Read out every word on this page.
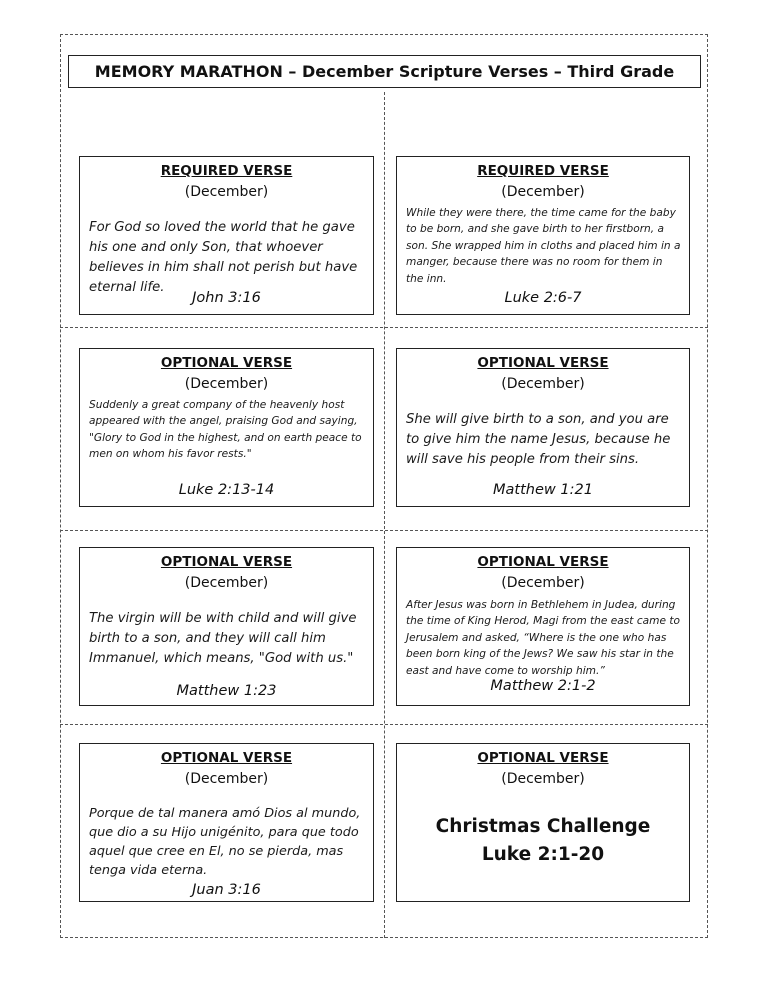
MEMORY MARATHON – December Scripture Verses – Third Grade
REQUIRED VERSE
(December)
For God so loved the world that he gave his one and only Son, that whoever believes in him shall not perish but have eternal life.
John 3:16
REQUIRED VERSE
(December)
While they were there, the time came for the baby to be born, and she gave birth to her firstborn, a son. She wrapped him in cloths and placed him in a manger, because there was no room for them in the inn.
Luke 2:6-7
OPTIONAL VERSE
(December)
Suddenly a great company of the heavenly host appeared with the angel, praising God and saying, "Glory to God in the highest, and on earth peace to men on whom his favor rests."
Luke 2:13-14
OPTIONAL VERSE
(December)
She will give birth to a son, and you are to give him the name Jesus, because he will save his people from their sins.
Matthew 1:21
OPTIONAL VERSE
(December)
The virgin will be with child and will give birth to a son, and they will call him Immanuel, which means, "God with us."
Matthew 1:23
OPTIONAL VERSE
(December)
After Jesus was born in Bethlehem in Judea, during the time of King Herod, Magi from the east came to Jerusalem and asked, “Where is the one who has been born king of the Jews? We saw his star in the east and have come to worship him.”
Matthew 2:1-2
OPTIONAL VERSE
(December)
Porque de tal manera amó Dios al mundo, que dio a su Hijo unigénito, para que todo aquel que cree en El, no se pierda, mas tenga vida eterna.
Juan 3:16
OPTIONAL VERSE
(December)
Christmas Challenge
Luke 2:1-20
